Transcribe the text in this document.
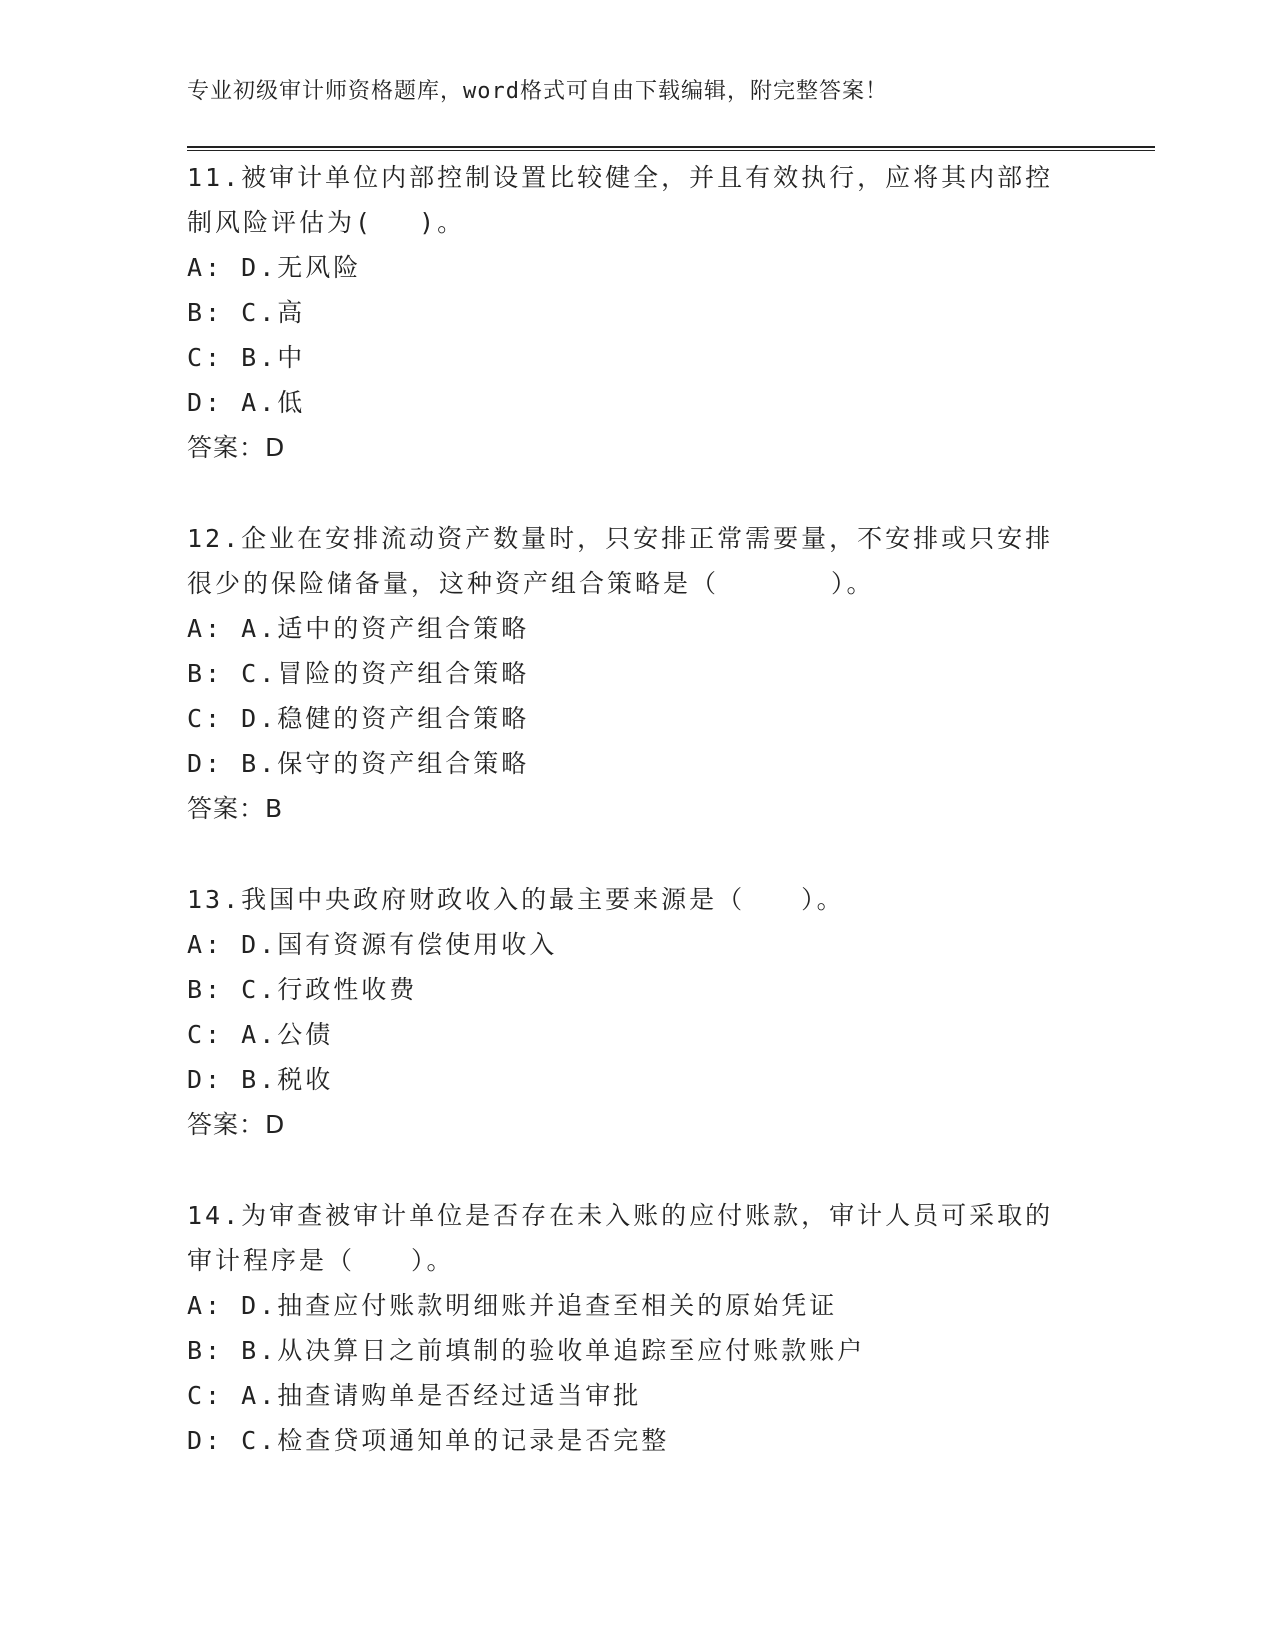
专业初级审计师资格题库，word格式可自由下载编辑，附完整答案！
11.被审计单位内部控制设置比较健全，并且有效执行，应将其内部控
制风险评估为(　 )。
A: D.无风险
B: C.高
C: B.中
D: A.低
答案：D
12.企业在安排流动资产数量时，只安排正常需要量，不安排或只安排
很少的保险储备量，这种资产组合策略是（　　　　）。
A: A.适中的资产组合策略
B: C.冒险的资产组合策略
C: D.稳健的资产组合策略
D: B.保守的资产组合策略
答案：B
13.我国中央政府财政收入的最主要来源是（　　）。
A: D.国有资源有偿使用收入
B: C.行政性收费
C: A.公债
D: B.税收
答案：D
14.为审查被审计单位是否存在未入账的应付账款，审计人员可采取的
审计程序是（　　）。
A: D.抽查应付账款明细账并追查至相关的原始凭证
B: B.从决算日之前填制的验收单追踪至应付账款账户
C: A.抽查请购单是否经过适当审批
D: C.检查贷项通知单的记录是否完整
